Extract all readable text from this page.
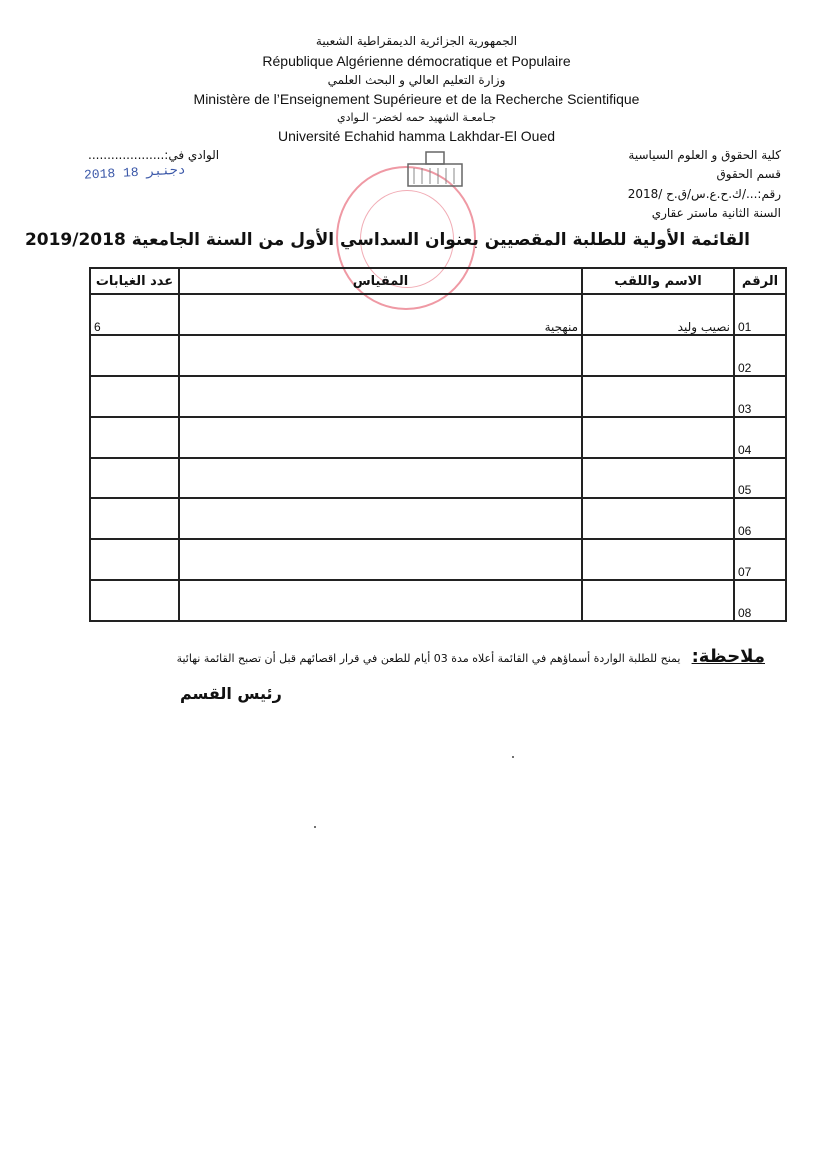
الجمهورية الجزائرية الديمقراطية الشعبية
République Algérienne démocratique et Populaire
وزارة التعليم العالي و البحث العلمي
Ministère de l’Enseignement Supérieure et de la Recherche Scientifique
جـامعـة الشهيد حمه لخضر- الـوادي
Université Echahid hamma Lakhdar-El Oued
الوادي في:....................
2018 دجنبر 18
كلية الحقوق و العلوم السياسية
قسم الحقوق
رقم:.../ك.ح.ع.س/ق.ح /2018
السنة الثانية ماستر عقاري
القائمة الأولية للطلبة المقصيين بعنوان السداسي الأول من السنة الجامعية 2019/2018
الرقم	الاسم واللقب	المقياس	عدد الغيابات
01	نصيب وليد	منهجية	6
02			
03			
04			
05			
06			
07			
08			
ملاحظة: يمنح للطلبة الواردة أسماؤهم في القائمة أعلاه مدة 03 أيام للطعن في قرار اقصائهم قبل أن تصبح القائمة نهائية
رئيس القسم
